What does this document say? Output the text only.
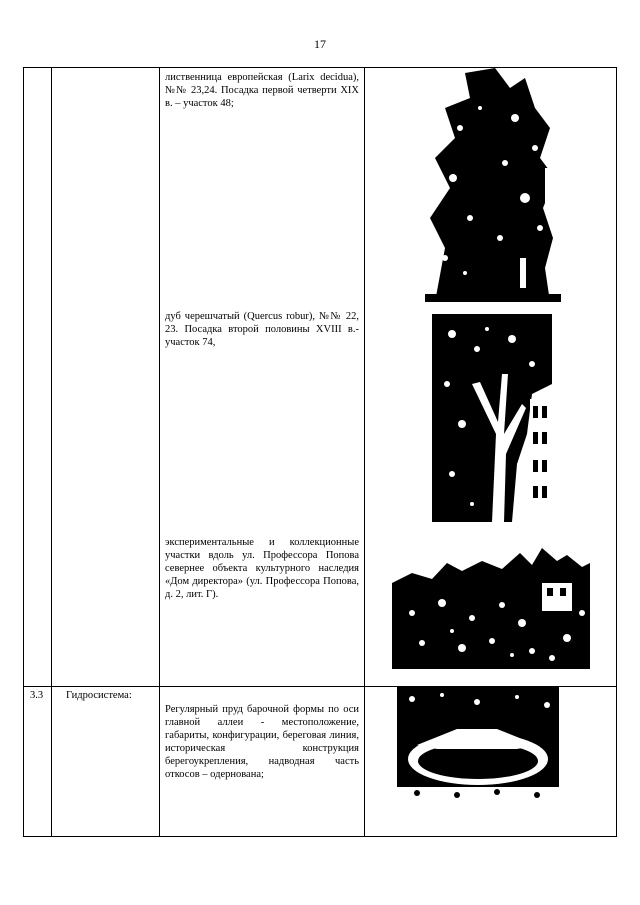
17

		лиственница европейская (Larix decidua), №№ 23,24. Посадка первой четверти XIX в. – участок 48;
дуб черешчатый (Quercus robur), №№ 22, 23. Посадка второй половины XVIII в.- участок 74,
экспериментальные и коллекционные участки вдоль ул. Профессора Попова севернее объекта культурного наследия «Дом директора» (ул. Профессора Попова, д. 2, лит. Г).

3.3	Гидросистема:	Регулярный пруд барочной формы по оси главной аллеи - местоположение, габариты, конфигурации, береговая линия, историческая конструкция берегоукрепления, надводная часть откосов – одернована;
